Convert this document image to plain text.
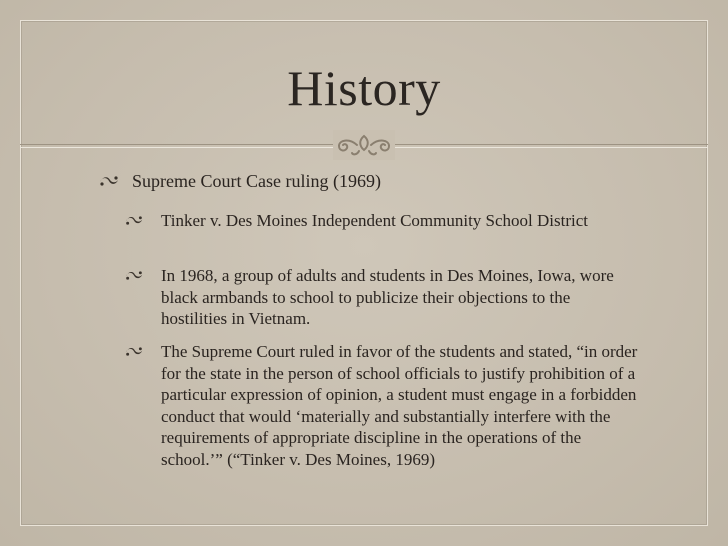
History
Supreme Court Case ruling (1969)
Tinker v. Des Moines Independent Community School District
In 1968, a group of adults and students in Des Moines, Iowa, wore black armbands to school to publicize their objections to the hostilities in Vietnam.
The Supreme Court ruled in favor of the students and stated, “in order for the state in the person of school officials to justify prohibition of a particular expression of opinion, a student must engage in a forbidden conduct that would ‘materially and substantially interfere with the requirements of appropriate discipline in the operations of the school.’” (“Tinker v. Des Moines, 1969)
